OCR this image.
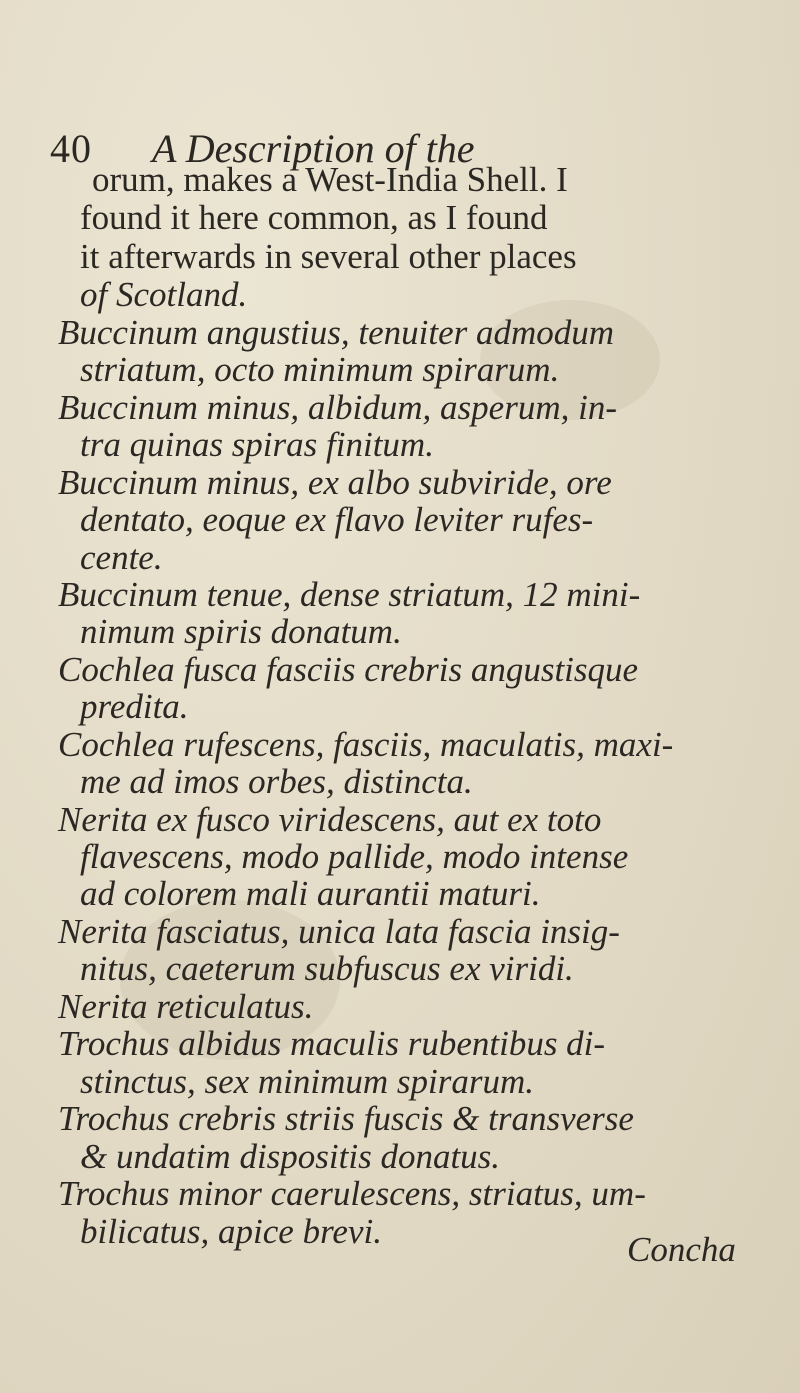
40 A Description of the
orum, makes a West-India Shell. I
found it here common, as I found
it afterwards in several other places
of Scotland.
Buccinum angustius, tenuiter admodum
striatum, octo minimum spirarum.
Buccinum minus, albidum, asperum, in-
tra quinas spiras finitum.
Buccinum minus, ex albo subviride, ore
dentato, eoque ex flavo leviter rufes-
cente.
Buccinum tenue, dense striatum, 12 mini-
nimum spiris donatum.
Cochlea fusca fasciis crebris angustisque
predita.
Cochlea rufescens, fasciis, maculatis, maxi-
me ad imos orbes, distincta.
Nerita ex fusco viridescens, aut ex toto
flavescens, modo pallide, modo intense
ad colorem mali aurantii maturi.
Nerita fasciatus, unica lata fascia insig-
nitus, caeterum subfuscus ex viridi.
Nerita reticulatus.
Trochus albidus maculis rubentibus di-
stinctus, sex minimum spirarum.
Trochus crebris striis fuscis & transverse
& undatim dispositis donatus.
Trochus minor caerulescens, striatus, um-
bilicatus, apice brevi.	Concha
